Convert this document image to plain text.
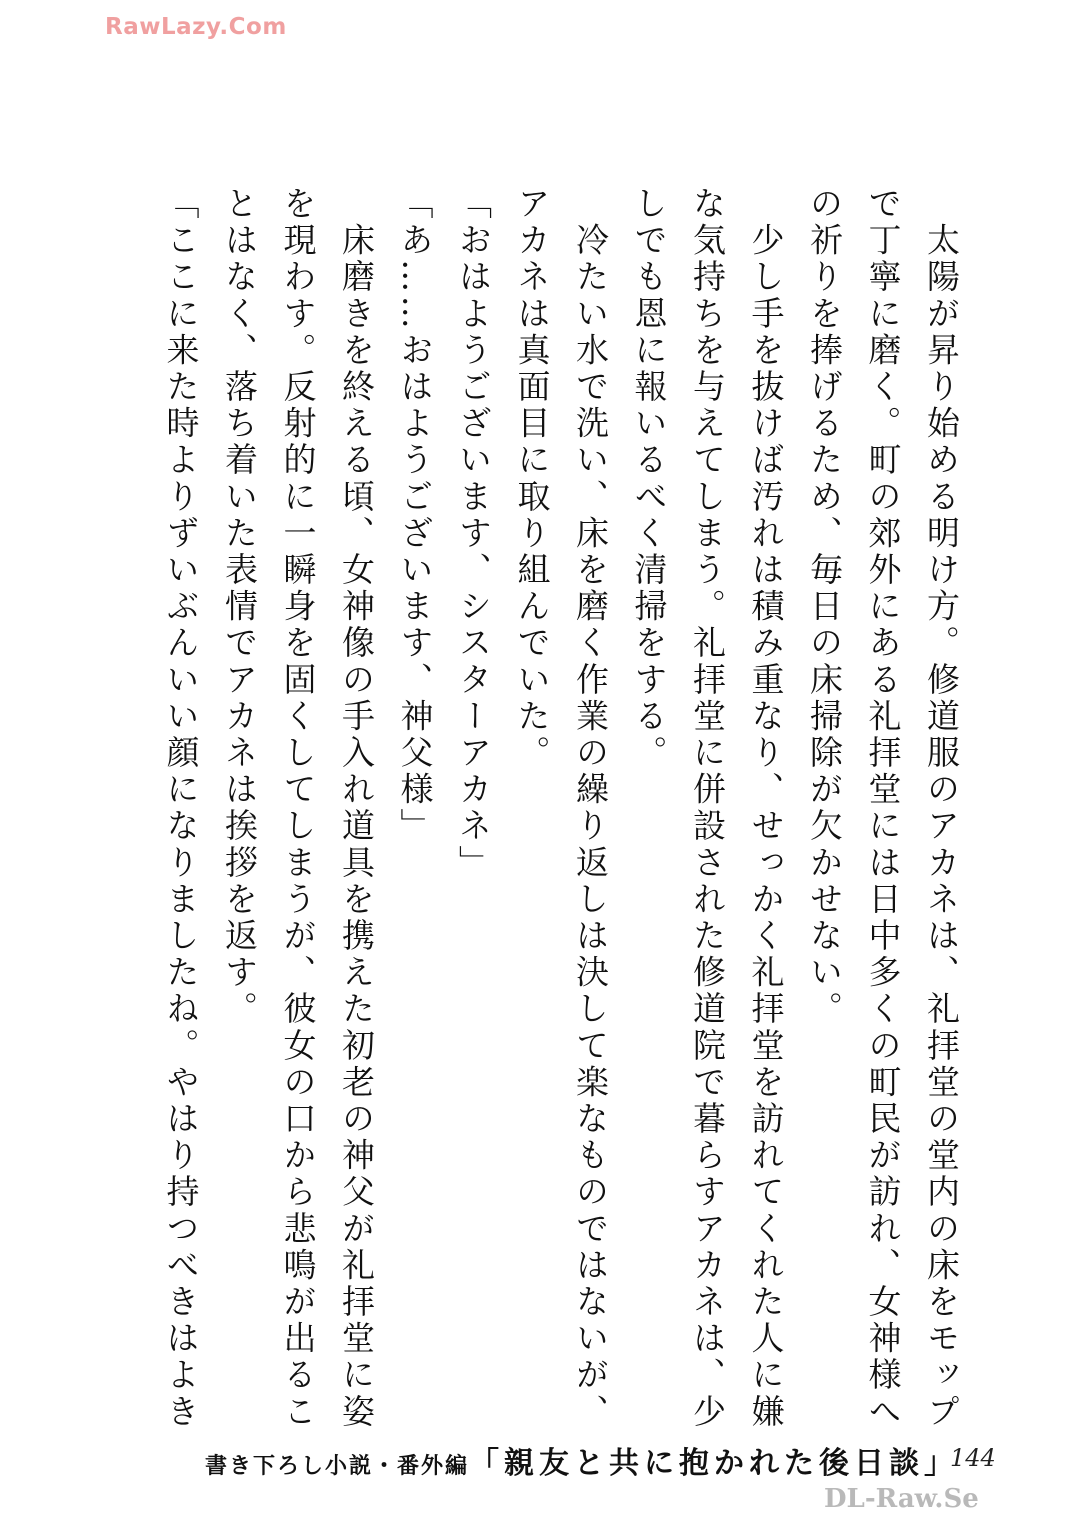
RawLazy.Com
　太陽が昇り始める明け方。修道服のアカネは、礼拝堂の堂内の床をモップ
で丁寧に磨く。町の郊外にある礼拝堂には日中多くの町民が訪れ、女神様へ
の祈りを捧げるため、毎日の床掃除が欠かせない。
　少し手を抜けば汚れは積み重なり、せっかく礼拝堂を訪れてくれた人に嫌
な気持ちを与えてしまう。礼拝堂に併設された修道院で暮らすアカネは、少
しでも恩に報いるべく清掃をする。
　冷たい水で洗い、床を磨く作業の繰り返しは決して楽なものではないが、
アカネは真面目に取り組んでいた。
「おはようございます、シスターアカネ」
「あ……おはようございます、神父様」
　床磨きを終える頃、女神像の手入れ道具を携えた初老の神父が礼拝堂に姿
を現わす。反射的に一瞬身を固くしてしまうが、彼女の口から悲鳴が出るこ
とはなく、落ち着いた表情でアカネは挨拶を返す。
「ここに来た時よりずいぶんいい顔になりましたね。やはり持つべきはよき
書き下ろし小説・番外編 「親友と共に抱かれた後日談」
144
DL-Raw.Se
